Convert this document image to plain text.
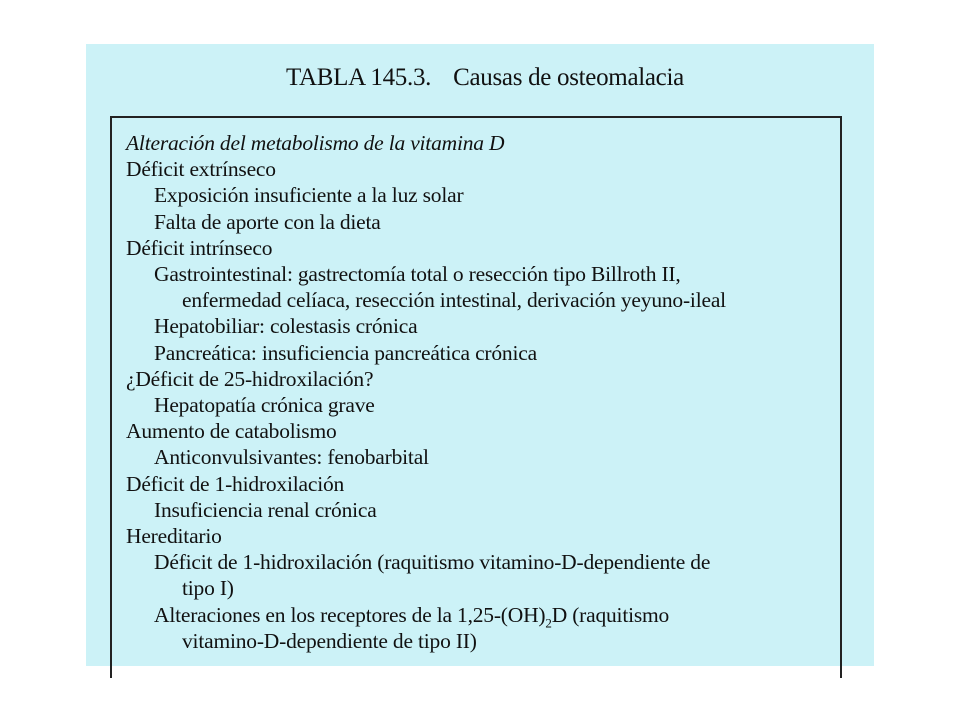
TABLA 145.3. Causas de osteomalacia
Alteración del metabolismo de la vitamina D
Déficit extrínseco
Exposición insuficiente a la luz solar
Falta de aporte con la dieta
Déficit intrínseco
Gastrointestinal: gastrectomía total o resección tipo Billroth II,
enfermedad celíaca, resección intestinal, derivación yeyuno-ileal
Hepatobiliar: colestasis crónica
Pancreática: insuficiencia pancreática crónica
¿Déficit de 25-hidroxilación?
Hepatopatía crónica grave
Aumento de catabolismo
Anticonvulsivantes: fenobarbital
Déficit de 1-hidroxilación
Insuficiencia renal crónica
Hereditario
Déficit de 1-hidroxilación (raquitismo vitamino-D-dependiente de
tipo I)
Alteraciones en los receptores de la $1,25-(OH)_2D$ (raquitismo
vitamino-D-dependiente de tipo II)
